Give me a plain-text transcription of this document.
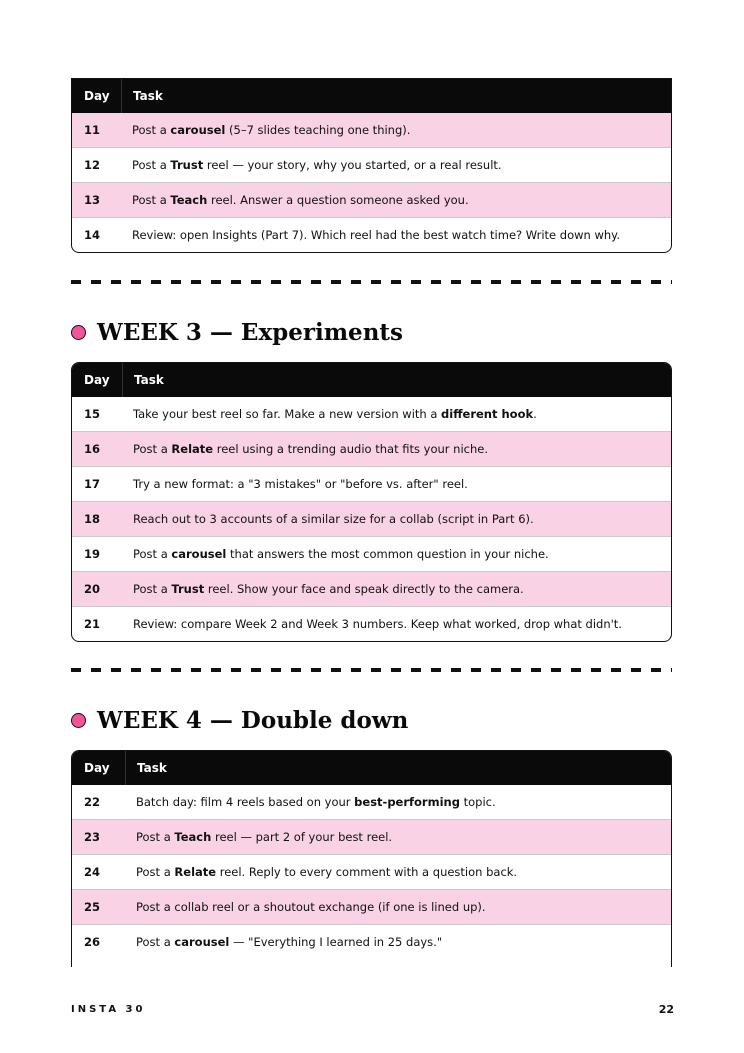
Day	Task
11	Post a carousel (5–7 slides teaching one thing).
12	Post a Trust reel — your story, why you started, or a real result.
13	Post a Teach reel. Answer a question someone asked you.
14	Review: open Insights (Part 7). Which reel had the best watch time? Write down why.
WEEK 3 — Experiments
Day	Task
15	Take your best reel so far. Make a new version with a different hook.
16	Post a Relate reel using a trending audio that fits your niche.
17	Try a new format: a "3 mistakes" or "before vs. after" reel.
18	Reach out to 3 accounts of a similar size for a collab (script in Part 6).
19	Post a carousel that answers the most common question in your niche.
20	Post a Trust reel. Show your face and speak directly to the camera.
21	Review: compare Week 2 and Week 3 numbers. Keep what worked, drop what didn't.
WEEK 4 — Double down
Day	Task
22	Batch day: film 4 reels based on your best-performing topic.
23	Post a Teach reel — part 2 of your best reel.
24	Post a Relate reel. Reply to every comment with a question back.
25	Post a collab reel or a shoutout exchange (if one is lined up).
26	Post a carousel — "Everything I learned in 25 days."
INSTA 30	22
